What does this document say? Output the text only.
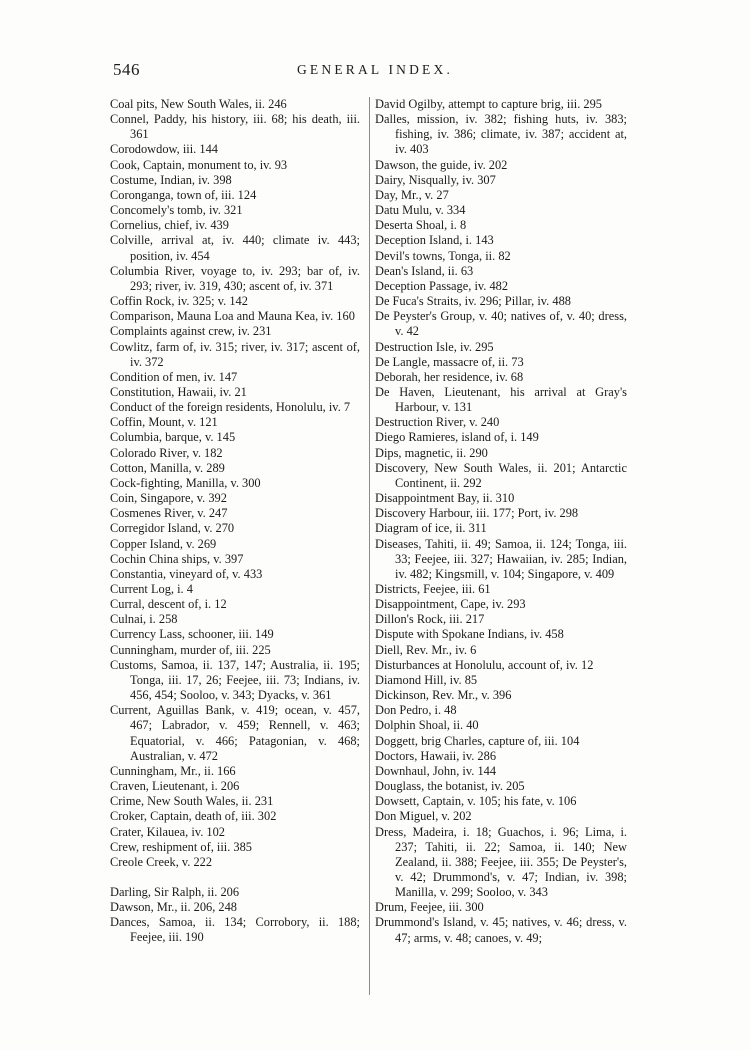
546	GENERAL INDEX.
Coal pits, New South Wales, ii. 246
Connel, Paddy, his history, iii. 68; his death, iii. 361
Corodowdow, iii. 144
Cook, Captain, monument to, iv. 93
Costume, Indian, iv. 398
Coronganga, town of, iii. 124
Concomely's tomb, iv. 321
Cornelius, chief, iv. 439
Colville, arrival at, iv. 440; climate iv. 443; position, iv. 454
Columbia River, voyage to, iv. 293; bar of, iv. 293; river, iv. 319, 430; ascent of, iv. 371
Coffin Rock, iv. 325; v. 142
Comparison, Mauna Loa and Mauna Kea, iv. 160
Complaints against crew, iv. 231
Cowlitz, farm of, iv. 315; river, iv. 317; ascent of, iv. 372
Condition of men, iv. 147
Constitution, Hawaii, iv. 21
Conduct of the foreign residents, Honolulu, iv. 7
Coffin, Mount, v. 121
Columbia, barque, v. 145
Colorado River, v. 182
Cotton, Manilla, v. 289
Cock-fighting, Manilla, v. 300
Coin, Singapore, v. 392
Cosmenes River, v. 247
Corregidor Island, v. 270
Copper Island, v. 269
Cochin China ships, v. 397
Constantia, vineyard of, v. 433
Current Log, i. 4
Curral, descent of, i. 12
Culnai, i. 258
Currency Lass, schooner, iii. 149
Cunningham, murder of, iii. 225
Customs, Samoa, ii. 137, 147; Australia, ii. 195; Tonga, iii. 17, 26; Feejee, iii. 73; Indians, iv. 456, 454; Sooloo, v. 343; Dyacks, v. 361
Current, Aguillas Bank, v. 419; ocean, v. 457, 467; Labrador, v. 459; Rennell, v. 463; Equatorial, v. 466; Patagonian, v. 468; Australian, v. 472
Cunningham, Mr., ii. 166
Craven, Lieutenant, i. 206
Crime, New South Wales, ii. 231
Croker, Captain, death of, iii. 302
Crater, Kilauea, iv. 102
Crew, reshipment of, iii. 385
Creole Creek, v. 222
Darling, Sir Ralph, ii. 206
Dawson, Mr., ii. 206, 248
Dances, Samoa, ii. 134; Corrobory, ii. 188; Feejee, iii. 190
David Ogilby, attempt to capture brig, iii. 295
Dalles, mission, iv. 382; fishing huts, iv. 383; fishing, iv. 386; climate, iv. 387; accident at, iv. 403
Dawson, the guide, iv. 202
Dairy, Nisqually, iv. 307
Day, Mr., v. 27
Datu Mulu, v. 334
Deserta Shoal, i. 8
Deception Island, i. 143
Devil's towns, Tonga, ii. 82
Dean's Island, ii. 63
Deception Passage, iv. 482
De Fuca's Straits, iv. 296; Pillar, iv. 488
De Peyster's Group, v. 40; natives of, v. 40; dress, v. 42
Destruction Isle, iv. 295
De Langle, massacre of, ii. 73
Deborah, her residence, iv. 68
De Haven, Lieutenant, his arrival at Gray's Harbour, v. 131
Destruction River, v. 240
Diego Ramieres, island of, i. 149
Dips, magnetic, ii. 290
Discovery, New South Wales, ii. 201; Antarctic Continent, ii. 292
Disappointment Bay, ii. 310
Discovery Harbour, iii. 177; Port, iv. 298
Diagram of ice, ii. 311
Diseases, Tahiti, ii. 49; Samoa, ii. 124; Tonga, iii. 33; Feejee, iii. 327; Hawaiian, iv. 285; Indian, iv. 482; Kingsmill, v. 104; Singapore, v. 409
Districts, Feejee, iii. 61
Disappointment, Cape, iv. 293
Dillon's Rock, iii. 217
Dispute with Spokane Indians, iv. 458
Diell, Rev. Mr., iv. 6
Disturbances at Honolulu, account of, iv. 12
Diamond Hill, iv. 85
Dickinson, Rev. Mr., v. 396
Don Pedro, i. 48
Dolphin Shoal, ii. 40
Doggett, brig Charles, capture of, iii. 104
Doctors, Hawaii, iv. 286
Downhaul, John, iv. 144
Douglass, the botanist, iv. 205
Dowsett, Captain, v. 105; his fate, v. 106
Don Miguel, v. 202
Dress, Madeira, i. 18; Guachos, i. 96; Lima, i. 237; Tahiti, ii. 22; Samoa, ii. 140; New Zealand, ii. 388; Feejee, iii. 355; De Peyster's, v. 42; Drummond's, v. 47; Indian, iv. 398; Manilla, v. 299; Sooloo, v. 343
Drum, Feejee, iii. 300
Drummond's Island, v. 45; natives, v. 46; dress, v. 47; arms, v. 48; canoes, v. 49;
